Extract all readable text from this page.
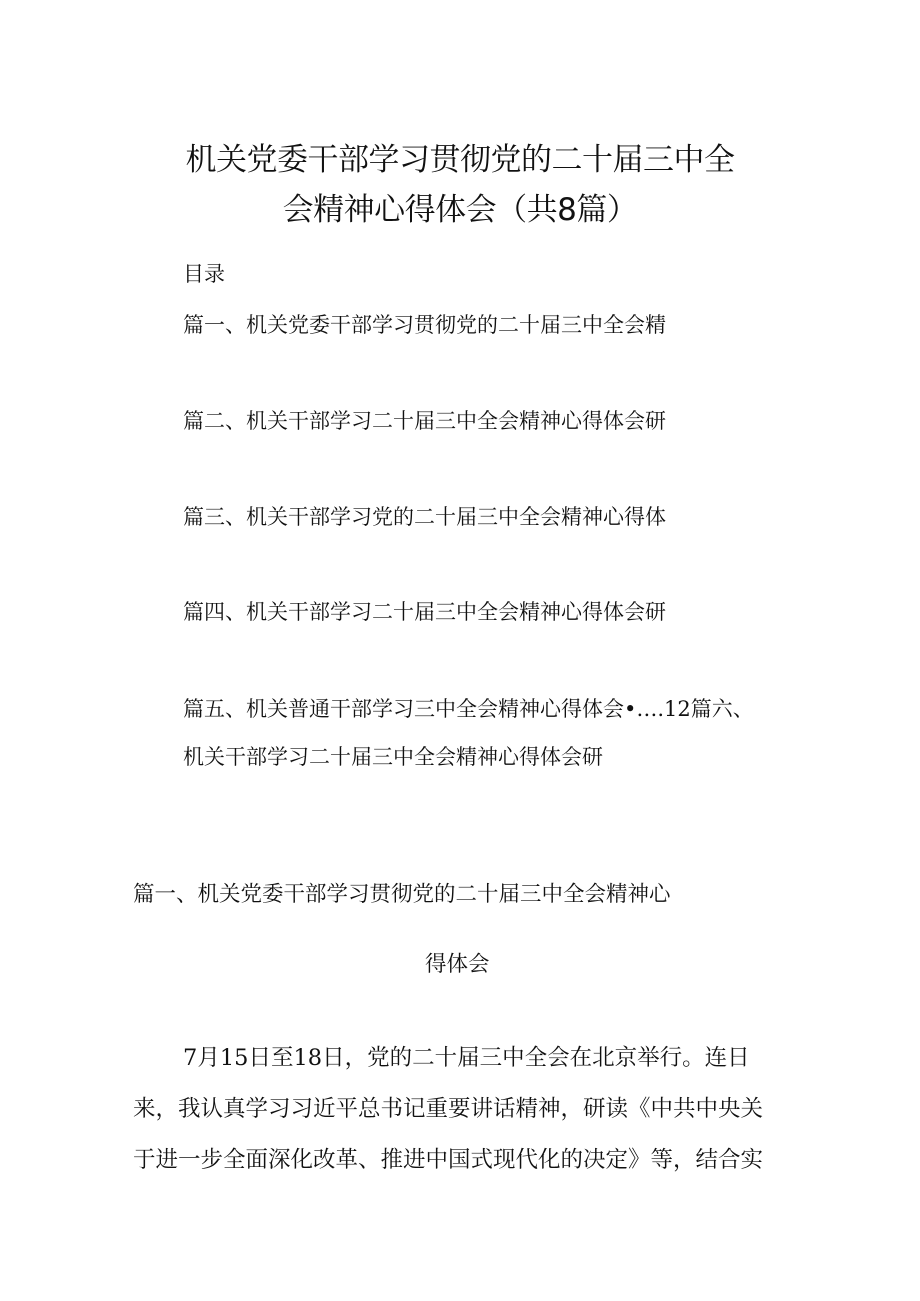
机关党委干部学习贯彻党的二十届三中全
会精神心得体会（共8篇）
目录
篇一、机关党委干部学习贯彻党的二十届三中全会精
篇二、机关干部学习二十届三中全会精神心得体会研
篇三、机关干部学习党的二十届三中全会精神心得体
篇四、机关干部学习二十届三中全会精神心得体会研
篇五、机关普通干部学习三中全会精神心得体会•….12篇六、
机关干部学习二十届三中全会精神心得体会研
篇一、机关党委干部学习贯彻党的二十届三中全会精神心
得体会
7月15日至18日，党的二十届三中全会在北京举行。连日
来，我认真学习习近平总书记重要讲话精神，研读《中共中央关
于进一步全面深化改革、推进中国式现代化的决定》等，结合实
